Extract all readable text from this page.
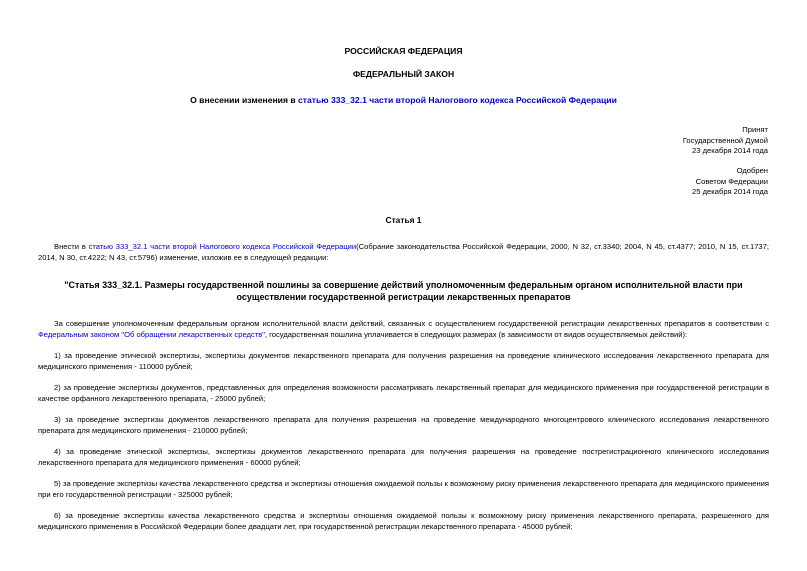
РОССИЙСКАЯ ФЕДЕРАЦИЯ
ФЕДЕРАЛЬНЫЙ ЗАКОН
О внесении изменения в статью 333_32.1 части второй Налогового кодекса Российской Федерации
Принят
Государственной Думой
23 декабря 2014 года
Одобрен
Советом Федерации
25 декабря 2014 года
Статья 1
Внести в статью 333_32.1 части второй Налогового кодекса Российской Федерации(Собрание законодательства Российской Федерации, 2000, N 32, ст.3340; 2004, N 45, ст.4377; 2010, N 15, ст.1737; 2014, N 30, ст.4222; N 43, ст.5796) изменение, изложив ее в следующей редакции:
"Статья 333_32.1. Размеры государственной пошлины за совершение действий уполномоченным федеральным органом исполнительной власти при осуществлении государственной регистрации лекарственных препаратов
За совершение уполномоченным федеральным органом исполнительной власти действий, связанных с осуществлением государственной регистрации лекарственных препаратов в соответствии с Федеральным законом "Об обращении лекарственных средств", государственная пошлина уплачивается в следующих размерах (в зависимости от видов осуществляемых действий):
1) за проведение этической экспертизы, экспертизы документов лекарственного препарата для получения разрешения на проведение клинического исследования лекарственного препарата для медицинского применения - 110000 рублей;
2) за проведение экспертизы документов, представленных для определения возможности рассматривать лекарственный препарат для медицинского применения при государственной регистрации в качестве орфанного лекарственного препарата, - 25000 рублей;
3) за проведение экспертизы документов лекарственного препарата для получения разрешения на проведение международного многоцентрового клинического исследования лекарственного препарата для медицинского применения - 210000 рублей;
4) за проведение этической экспертизы, экспертизы документов лекарственного препарата для получения разрешения на проведение пострегистрационного клинического исследования лекарственного препарата для медицинского применения - 60000 рублей;
5) за проведение экспертизы качества лекарственного средства и экспертизы отношения ожидаемой пользы к возможному риску применения лекарственного препарата для медицинского применения при его государственной регистрации - 325000 рублей;
6) за проведение экспертизы качества лекарственного средства и экспертизы отношения ожидаемой пользы к возможному риску применения лекарственного препарата, разрешенного для медицинского применения в Российской Федерации более двадцати лет, при государственной регистрации лекарственного препарата - 45000 рублей;
